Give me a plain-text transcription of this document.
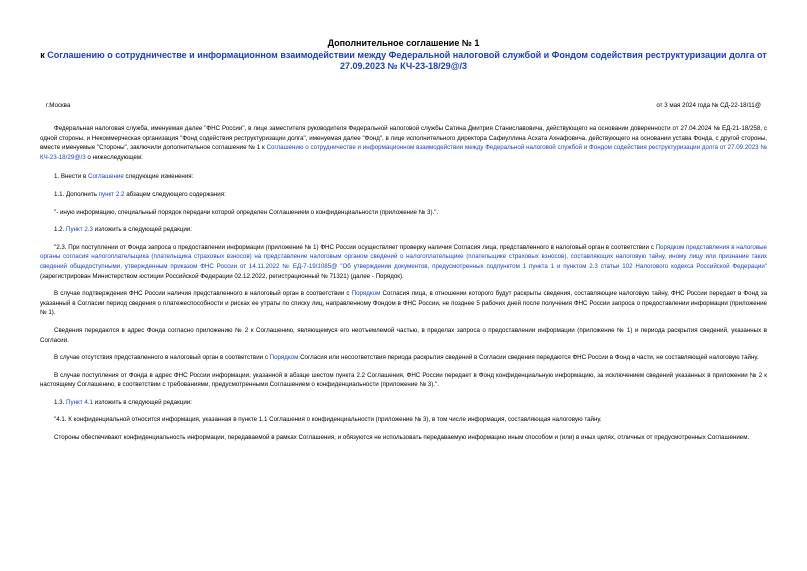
Дополнительное соглашение № 1

к Соглашению о сотрудничестве и информационном взаимодействии между Федеральной налоговой службой и Фондом содействия реструктуризации долга от 27.09.2023 № КЧ-23-18/29@/3

г.Москва	от 3 мая 2024 года № СД-22-18/11@

Федеральная налоговая служба, именуемая далее "ФНС России", в лице заместителя руководителя Федеральной налоговой службы Сатина Дмитрия Станиславовича, действующего на основании доверенности от 27.04.2024 № ЕД-21-18/258, с одной стороны, и Некоммерческая организация "Фонд содействия реструктуризации долга", именуемая далее "Фонд", в лице исполнительного директора Сафиуллина Асхата Ахнафовича, действующего на основании устава Фонда, с другой стороны, вместе именуемые "Стороны", заключили дополнительное соглашение № 1 к Соглашению о сотрудничестве и информационном взаимодействии между Федеральной налоговой службой и Фондом содействия реструктуризации долга от 27.09.2023 № КЧ-23-18/29@/3 о нижеследующем:

1. Внести в Соглашение следующие изменения:

1.1. Дополнить пункт 2.2 абзацем следующего содержания:

"- иную информацию, специальный порядок передачи которой определен Соглашением о конфиденциальности (приложение № 3).".

1.2. Пункт 2.3 изложить в следующей редакции:

"2.3. При поступлении от Фонда запроса о предоставлении информации (приложение № 1) ФНС России осуществляет проверку наличия Согласия лица, представленного в налоговый орган в соответствии с Порядком представления в налоговые органы согласия налогоплательщика (плательщика страховых взносов) на представление налоговым органом сведений о налогоплательщике (плательщике страховых взносов), составляющих налоговую тайну, иному лицу или признание таких сведений общедоступными, утвержденным приказом ФНС России от 14.11.2022 № ЕД-7-19/1085@ "Об утверждении документов, предусмотренных подпунктом 1 пункта 1 и пунктом 2.3 статьи 102 Налогового кодекса Российской Федерации" (зарегистрирован Министерством юстиции Российской Федерации 02.12.2022, регистрационный № 71321) (далее - Порядок).

В случае подтверждения ФНС России наличия представленного в налоговый орган в соответствии с Порядком Согласия лица, в отношении которого будут раскрыты сведения, составляющие налоговую тайну, ФНС России передает в Фонд за указанный в Согласии период сведения о платежеспособности и рисках ее утраты по списку лиц, направленному Фондом в ФНС России, не позднее 5 рабочих дней после получения ФНС России запроса о предоставлении информации (приложение № 1).

Сведения передаются в адрес Фонда согласно приложению № 2 к Соглашению, являющемуся его неотъемлемой частью, в пределах запроса о предоставлении информации (приложение № 1) и периода раскрытия сведений, указанных в Согласии.

В случае отсутствия представленного в налоговый орган в соответствии с Порядком Согласия или несоответствия периода раскрытия сведений в Согласии сведения передаются ФНС России в Фонд в части, не составляющей налоговую тайну.

В случае поступления от Фонда в адрес ФНС России информации, указанной в абзаце шестом пункта 2.2 Соглашения, ФНС России передает в Фонд конфиденциальную информацию, за исключением сведений указанных в приложении № 2 к настоящему Соглашению, в соответствии с требованиями, предусмотренными Соглашением о конфиденциальности (приложение № 3).".

1.3. Пункт 4.1 изложить в следующей редакции:

"4.1. К конфиденциальной относится информация, указанная в пункте 1.1 Соглашения о конфиденциальности (приложение № 3), в том числе информация, составляющая налоговую тайну.

Стороны обеспечивают конфиденциальность информации, передаваемой в рамках Соглашения, и обязуются не использовать передаваемую информацию иным способом и (или) в иных целях, отличных от предусмотренных Соглашением.
